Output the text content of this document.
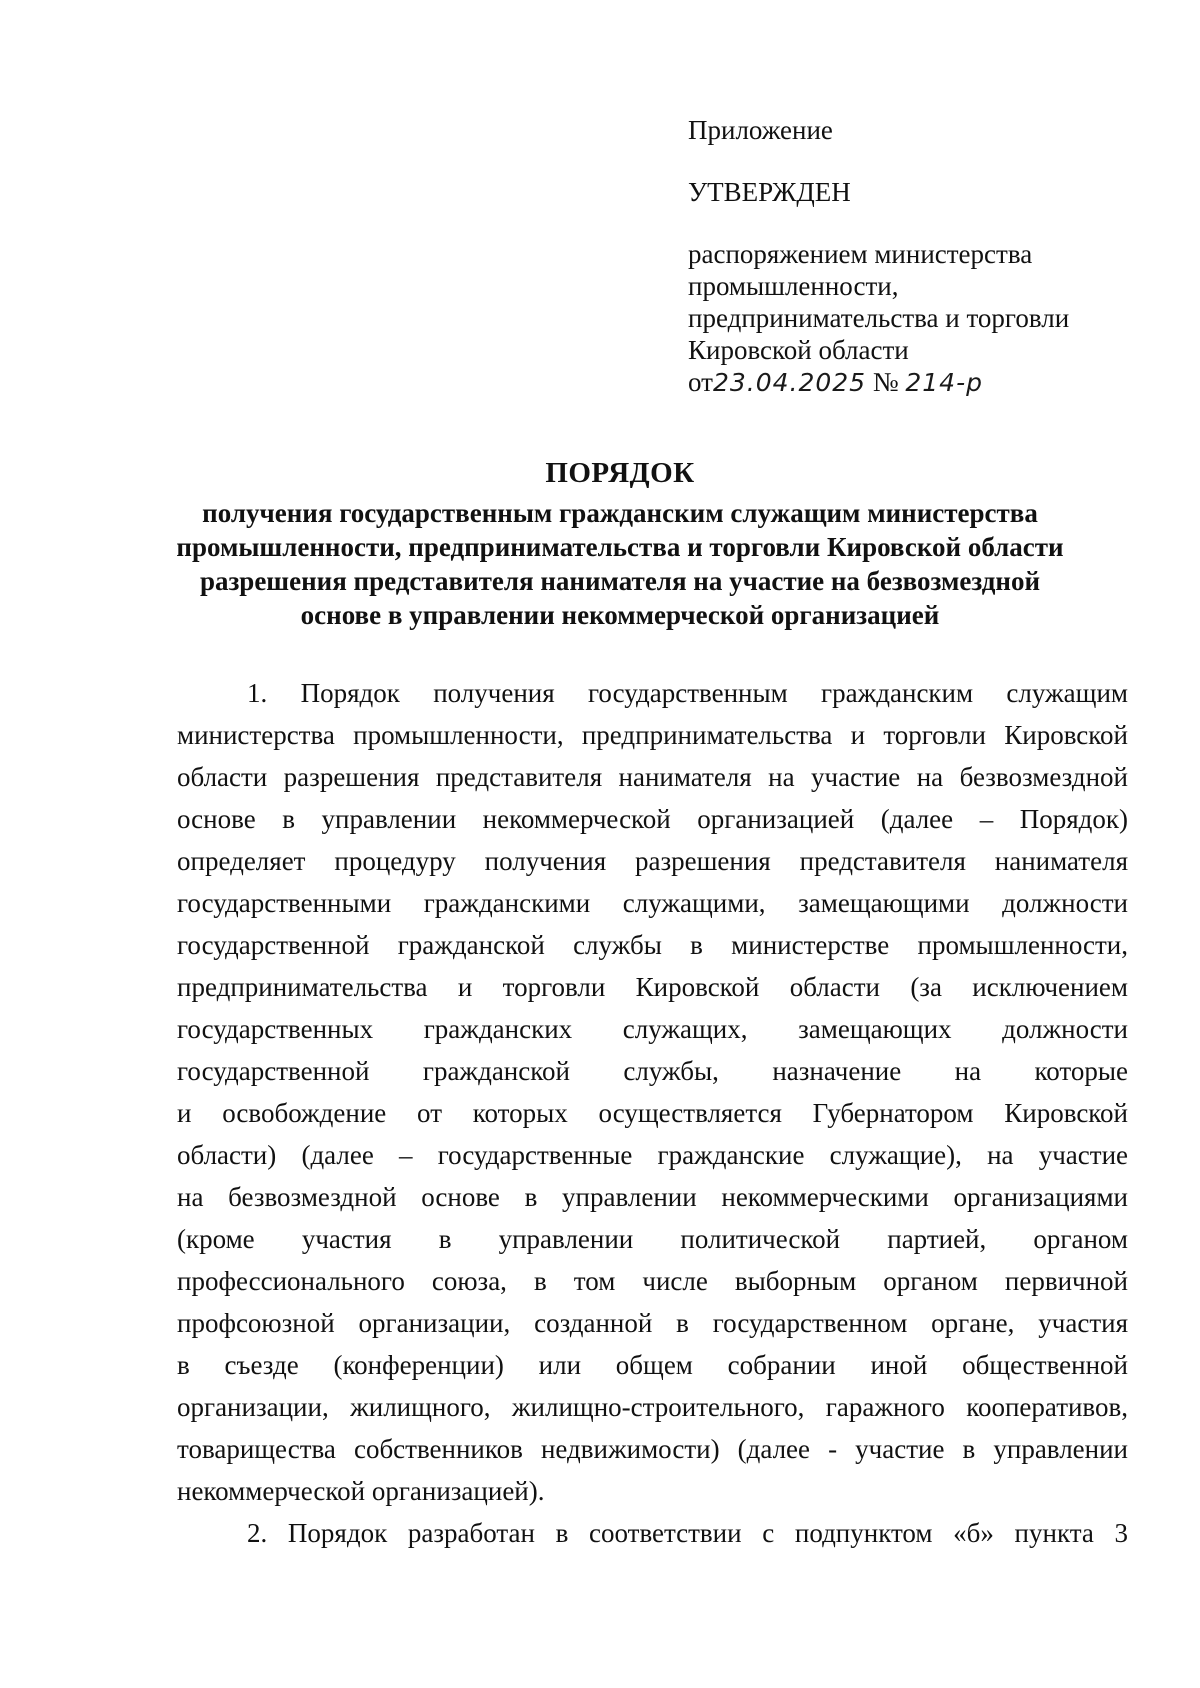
Приложение
УТВЕРЖДЕН
распоряжением министерства
промышленности,
предпринимательства и торговли
Кировской области
от23.04.2025 № 214-р
ПОРЯДОК
получения государственным гражданским служащим министерства
промышленности, предпринимательства и торговли Кировской области
разрешения представителя нанимателя на участие на безвозмездной
основе в управлении некоммерческой организацией
1. Порядок получения государственным гражданским служащим
министерства промышленности, предпринимательства и торговли Кировской
области разрешения представителя нанимателя на участие на безвозмездной
основе в управлении некоммерческой организацией (далее – Порядок)
определяет процедуру получения разрешения представителя нанимателя
государственными гражданскими служащими, замещающими должности
государственной гражданской службы в министерстве промышленности,
предпринимательства и торговли Кировской области (за исключением
государственных гражданских служащих, замещающих должности
государственной гражданской службы, назначение на которые
и освобождение от которых осуществляется Губернатором Кировской
области) (далее – государственные гражданские служащие), на участие
на безвозмездной основе в управлении некоммерческими организациями
(кроме участия в управлении политической партией, органом
профессионального союза, в том числе выборным органом первичной
профсоюзной организации, созданной в государственном органе, участия
в съезде (конференции) или общем собрании иной общественной
организации, жилищного, жилищно-строительного, гаражного кооперативов,
товарищества собственников недвижимости) (далее - участие в управлении
некоммерческой организацией).
2. Порядок разработан в соответствии с подпунктом «б» пункта 3
